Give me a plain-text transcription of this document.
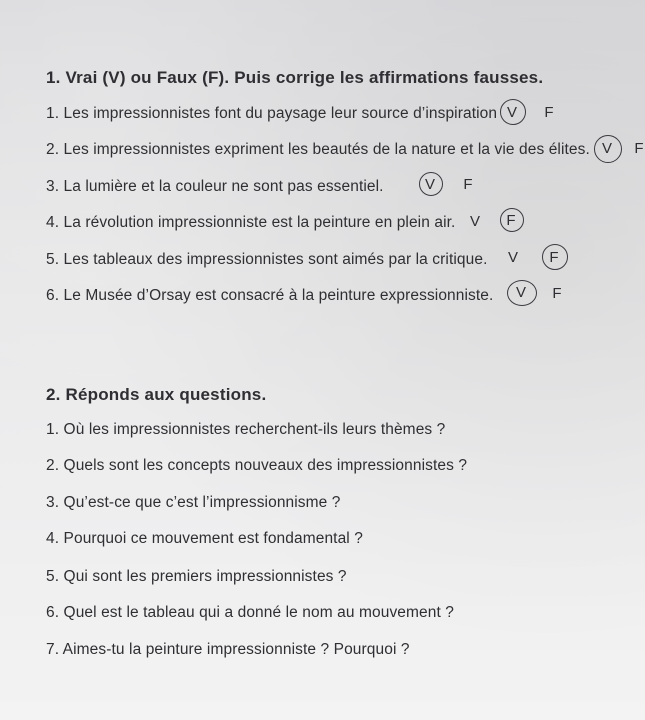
1. Vrai (V) ou Faux (F). Puis corrige les affirmations fausses.
1. Les impressionnistes font du paysage leur source d’inspiration V F
2. Les impressionnistes expriment les beautés de la nature et la vie des élites. V F
3. La lumière et la couleur ne sont pas essentiel.	V F
4. La révolution impressionniste est la peinture en plein air. V F
5. Les tableaux des impressionnistes sont aimés par la critique. V F
6. Le Musée d’Orsay est consacré à la peinture expressionniste. V F
2. Réponds aux questions.
1. Où les impressionnistes recherchent-ils leurs thèmes ?
2. Quels sont les concepts nouveaux des impressionnistes ?
3. Qu’est-ce que c’est l’impressionnisme ?
4. Pourquoi ce mouvement est fondamental ?
5. Qui sont les premiers impressionnistes ?
6. Quel est le tableau qui a donné le nom au mouvement ?
7. Aimes-tu la peinture impressionniste ? Pourquoi ?
